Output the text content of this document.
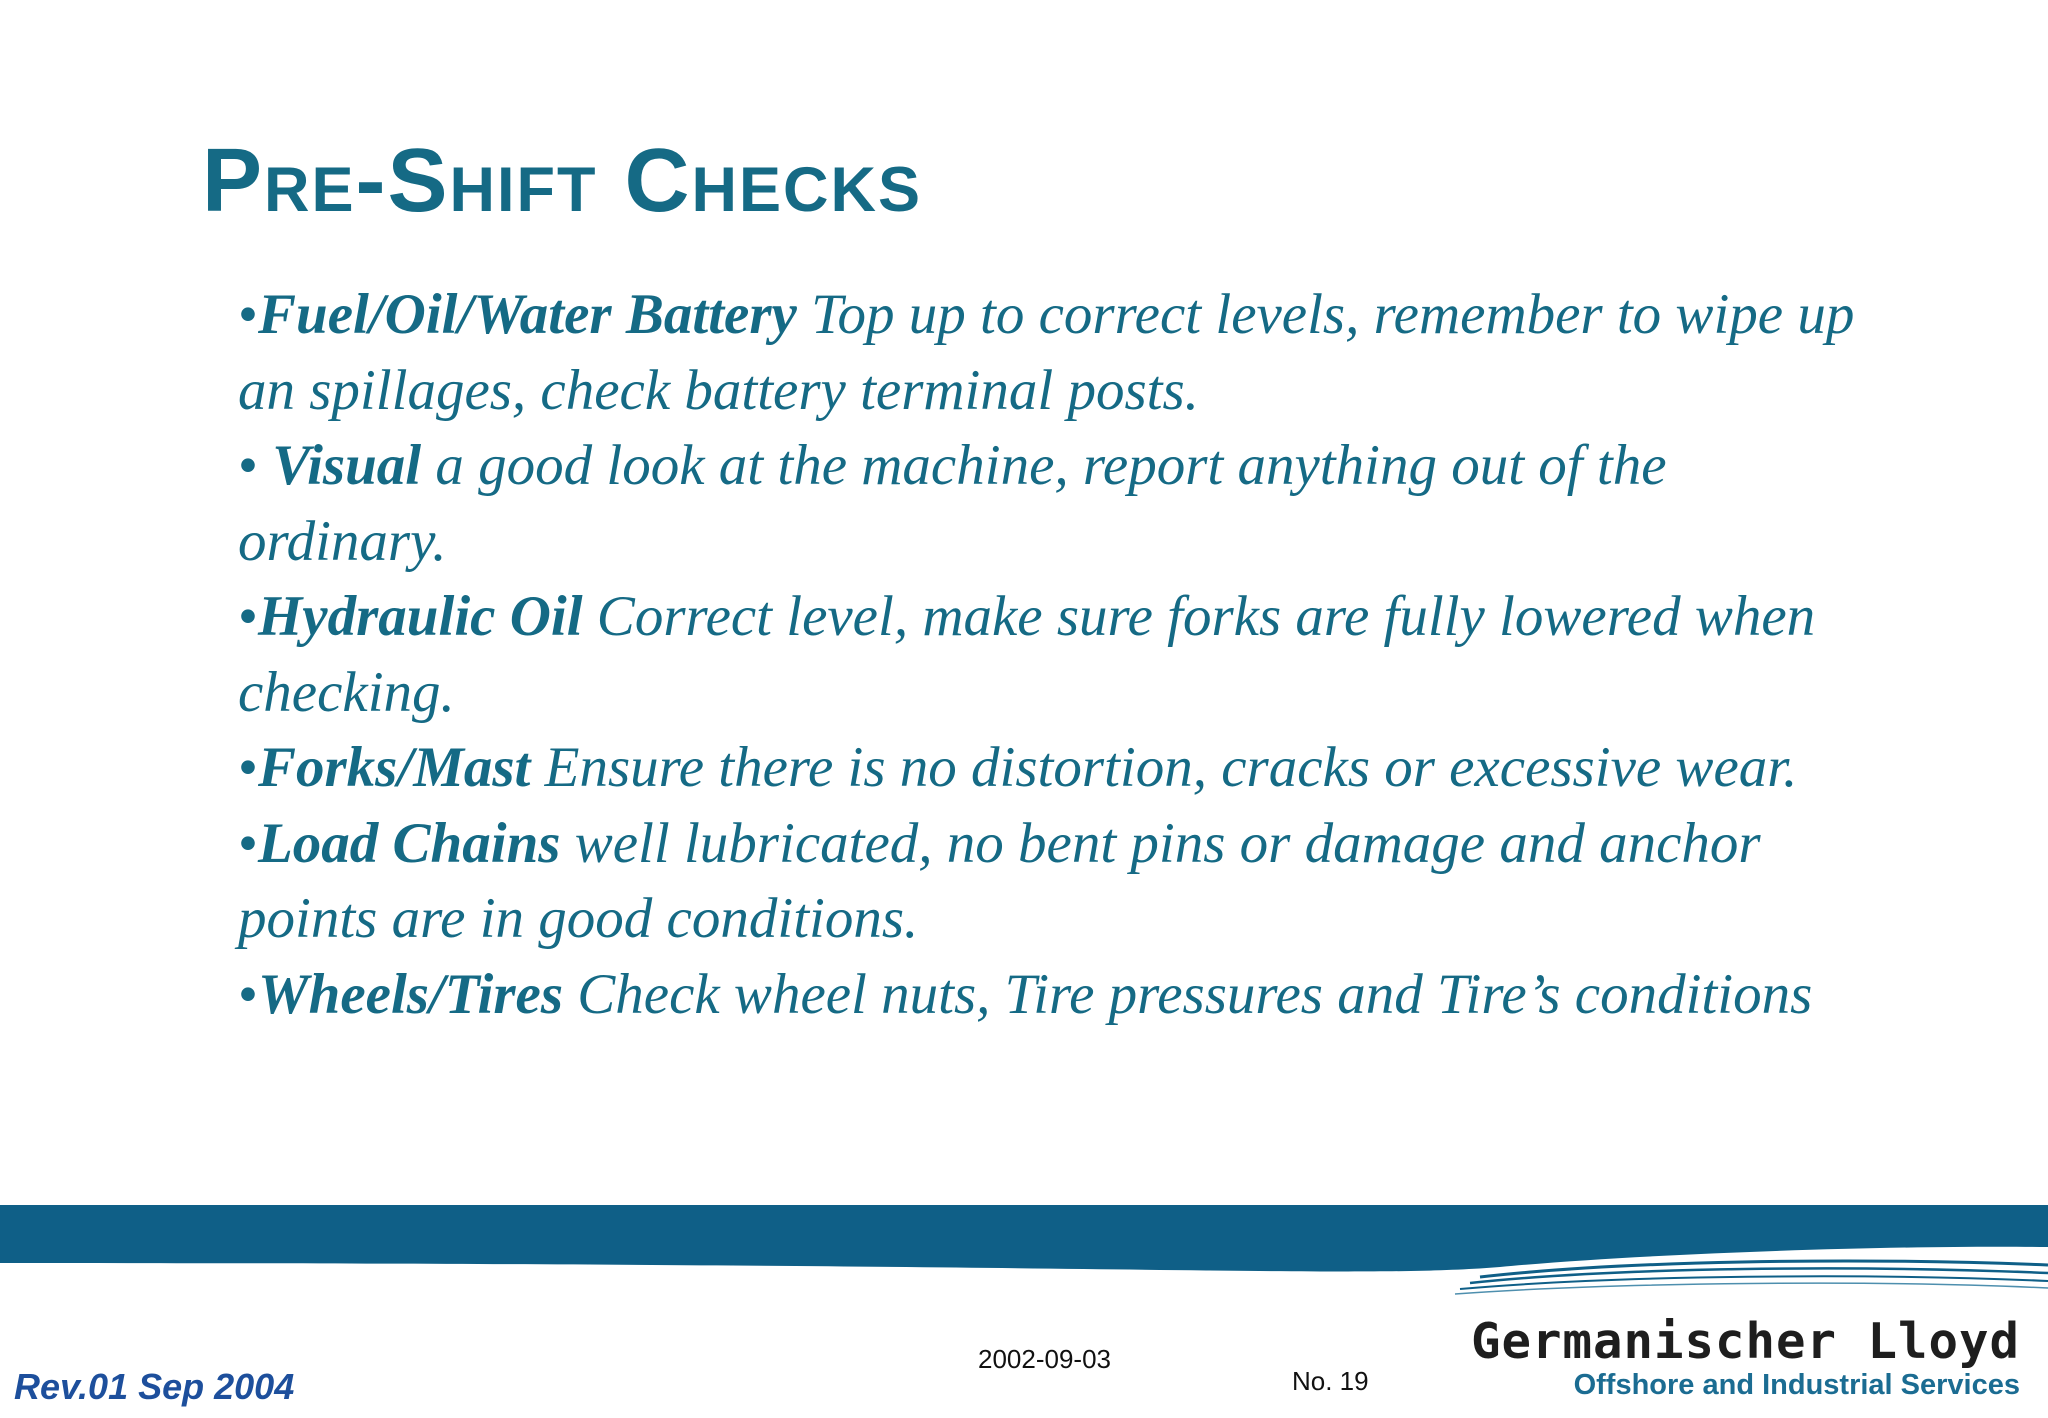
Pre-Shift Checks
•Fuel/Oil/Water Battery Top up to correct levels, remember to wipe up an spillages, check battery terminal posts.
• Visual a good look at the machine, report anything out of the ordinary.
•Hydraulic Oil Correct level, make sure forks are fully lowered when checking.
•Forks/Mast Ensure there is no distortion, cracks or excessive wear.
•Load Chains well lubricated, no bent pins or damage and anchor points are in good conditions.
•Wheels/Tires Check wheel nuts, Tire pressures and Tire’s conditions
Rev.01 Sep 2004
2002-09-03
No. 19
Germanischer Lloyd
Offshore and Industrial Services
